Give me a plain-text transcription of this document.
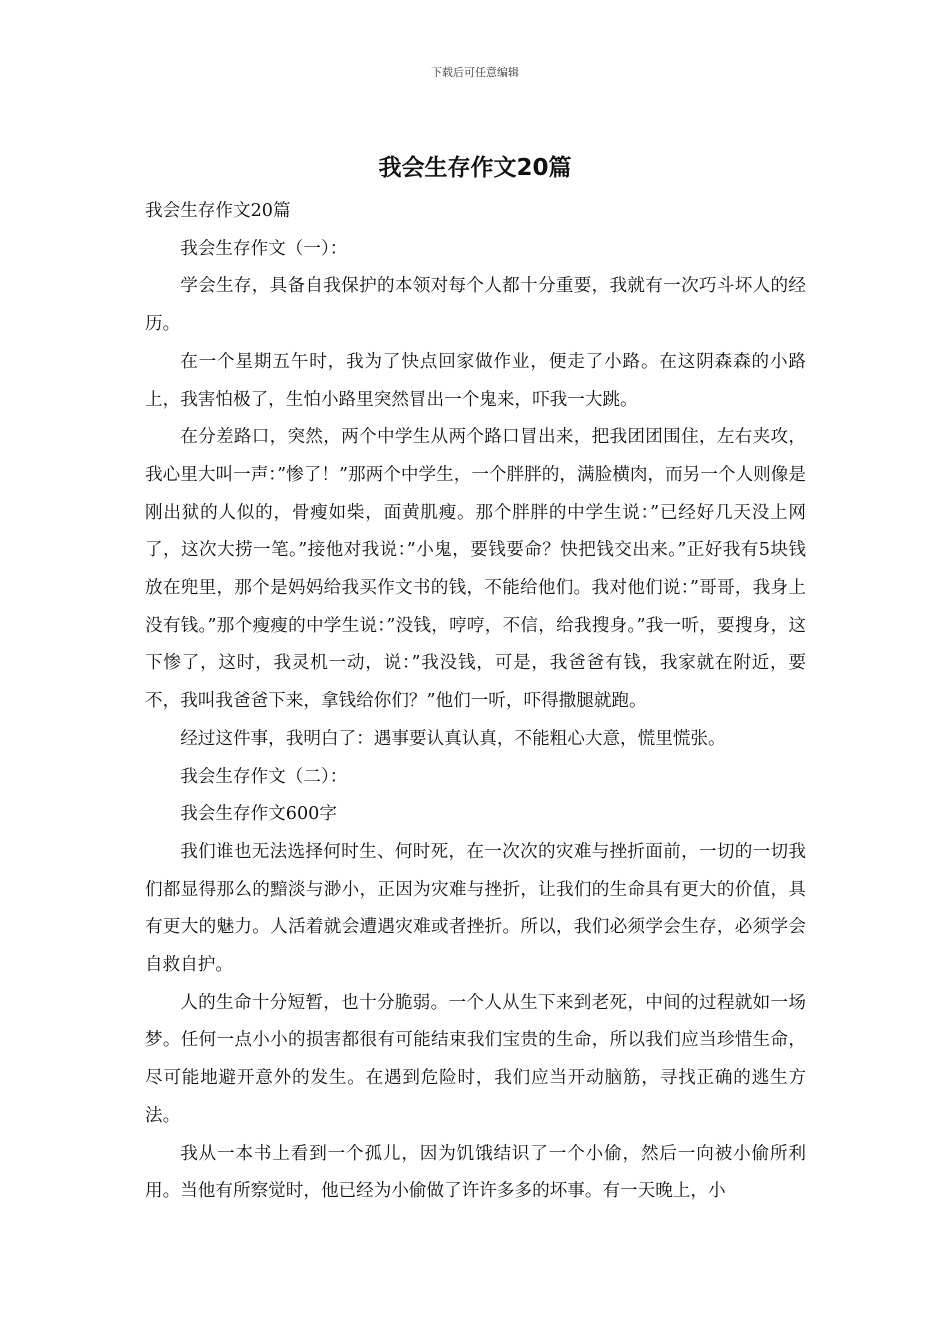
下载后可任意编辑
我会生存作文20篇

我会生存作文20篇

我会生存作文（一）：

学会生存，具备自我保护的本领对每个人都十分重要，我就有一次巧斗坏人的经历。

在一个星期五午时，我为了快点回家做作业，便走了小路。在这阴森森的小路上，我害怕极了，生怕小路里突然冒出一个鬼来，吓我一大跳。

在分差路口，突然，两个中学生从两个路口冒出来，把我团团围住，左右夹攻，我心里大叫一声：”惨了！”那两个中学生，一个胖胖的，满脸横肉，而另一个人则像是刚出狱的人似的，骨瘦如柴，面黄肌瘦。那个胖胖的中学生说：”已经好几天没上网了，这次大捞一笔。”接他对我说：”小鬼，要钱要命？快把钱交出来。”正好我有5块钱放在兜里，那个是妈妈给我买作文书的钱，不能给他们。我对他们说：”哥哥，我身上没有钱。”那个瘦瘦的中学生说：”没钱，哼哼，不信，给我搜身。”我一听，要搜身，这下惨了，这时，我灵机一动，说：”我没钱，可是，我爸爸有钱，我家就在附近，要不，我叫我爸爸下来，拿钱给你们？”他们一听，吓得撒腿就跑。

经过这件事，我明白了：遇事要认真认真，不能粗心大意，慌里慌张。

我会生存作文（二）：

我会生存作文600字

我们谁也无法选择何时生、何时死，在一次次的灾难与挫折面前，一切的一切我们都显得那么的黯淡与渺小，正因为灾难与挫折，让我们的生命具有更大的价值，具有更大的魅力。人活着就会遭遇灾难或者挫折。所以，我们必须学会生存，必须学会自救自护。

人的生命十分短暂，也十分脆弱。一个人从生下来到老死，中间的过程就如一场梦。任何一点小小的损害都很有可能结束我们宝贵的生命，所以我们应当珍惜生命，尽可能地避开意外的发生。在遇到危险时，我们应当开动脑筋，寻找正确的逃生方法。

我从一本书上看到一个孤儿，因为饥饿结识了一个小偷，然后一向被小偷所利用。当他有所察觉时，他已经为小偷做了许许多多的坏事。有一天晚上，小
